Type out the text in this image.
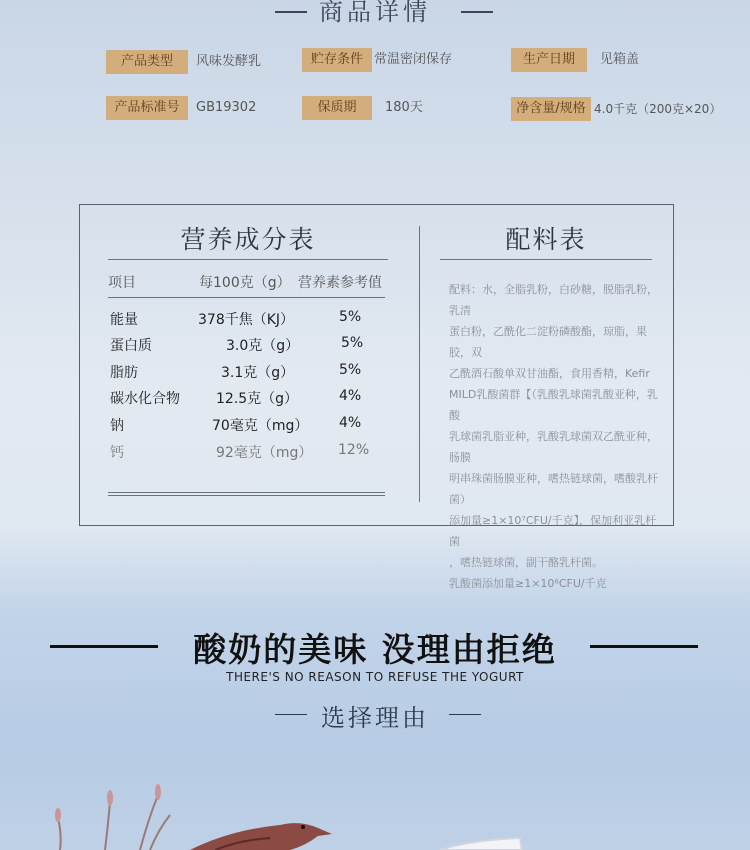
商品详情
产品类型	风味发酵乳	贮存条件 常温密闭保存	生产日期	见箱盖
产品标准号	GB19302	保质期	180天	净含量/规格 4.0千克（200克×20）
营养成分表	配料表
项目	每100克（g） 营养素参考值
能量	378千焦（KJ）	5%
蛋白质	3.0克（g）	5%
脂肪	3.1克（g）	5%
碳水化合物	12.5克（g）	4%
钠	70毫克（mg） 4%
钙	92毫克（mg） 12%
配料：水，全脂乳粉，白砂糖，脱脂乳粉，乳清
蛋白粉，乙酰化二淀粉磷酸酯，琼脂，果胶，双
乙酰酒石酸单双甘油酯，食用香精，Kefir
MILD乳酸菌群【（乳酸乳球菌乳酸亚种，乳酸
乳球菌乳脂亚种，乳酸乳球菌双乙酰亚种，肠膜
明串珠菌肠膜亚种，嗜热链球菌，嗜酸乳杆菌）
添加量≥1×10⁷CFU/千克】，保加利亚乳杆菌
，嗜热链球菌，副干酪乳杆菌。
乳酸菌添加量≥1×10⁶CFU/千克
酸奶的美味 没理由拒绝
THERE'S NO REASON TO REFUSE THE YOGURT
选择理由
